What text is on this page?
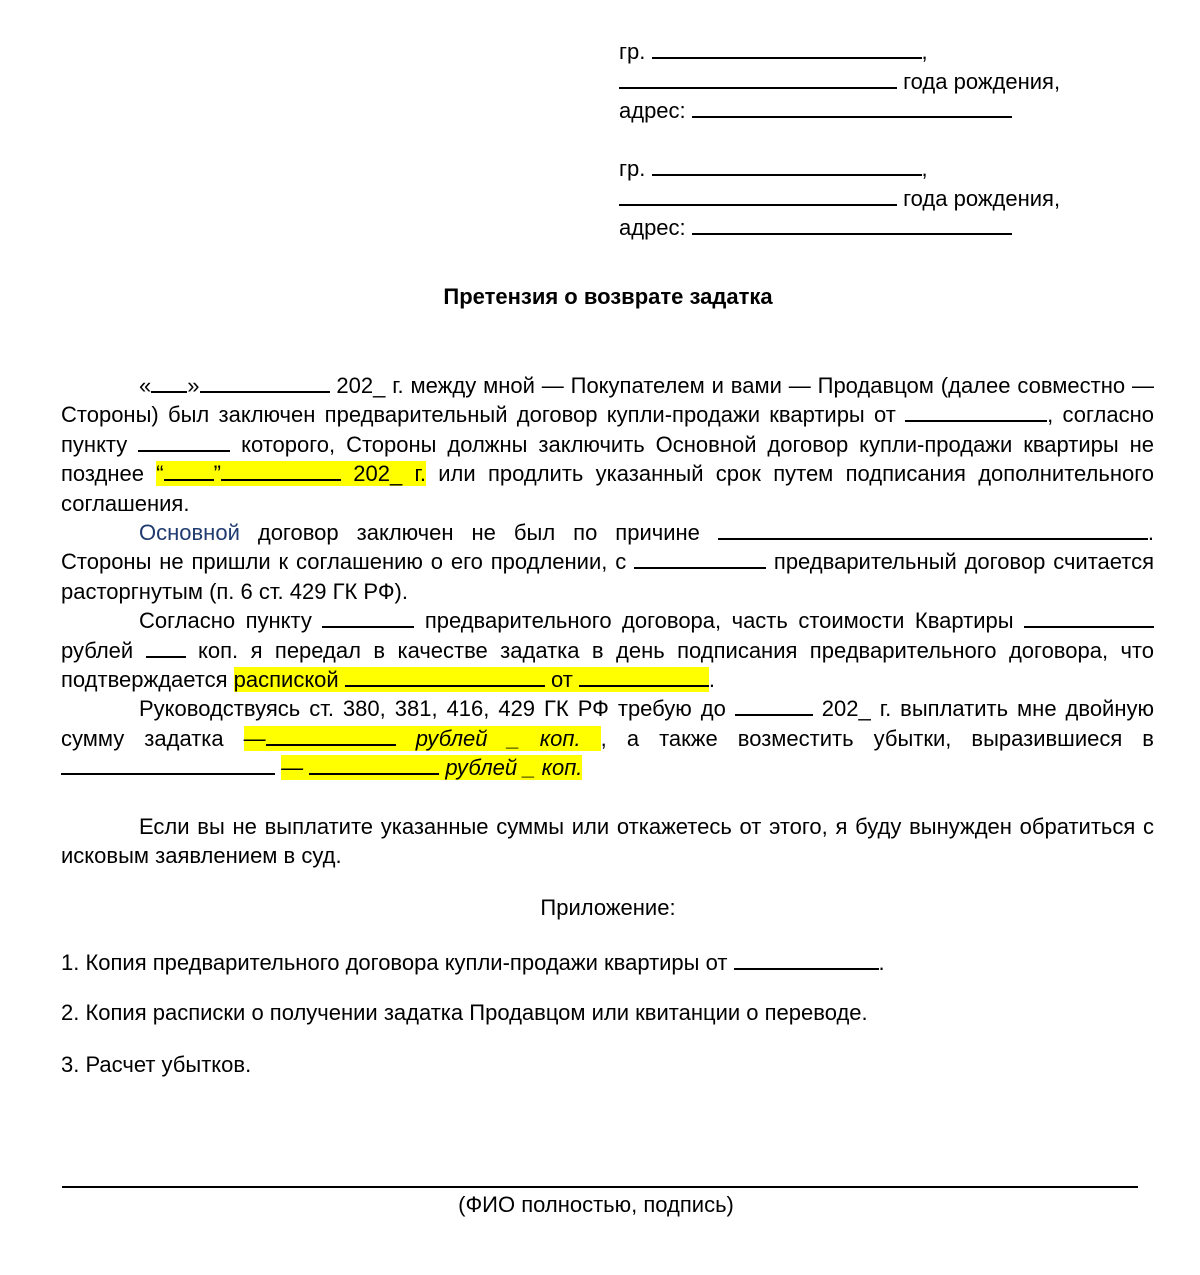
гр.	,
года рождения,
адрес:
гр.	,
года рождения,
адрес:
Претензия о возврате задатка

« »	202_ г. между мной — Покупателем и вами — Продавцом (далее совместно — Стороны) был заключен предварительный договор купли-продажи квартиры от	, согласно пункту	которого, Стороны должны заключить Основной договор купли-продажи квартиры не позднее “ ”	202_ г. или продлить указанный срок путем подписания дополнительного соглашения.

Основной договор заключен не был по причине	. Стороны не пришли к соглашению о его продлении, с	предварительный договор считается расторгнутым (п. 6 ст. 429 ГК РФ).

Согласно пункту	предварительного договора, часть стоимости Квартиры  рублей  коп. я передал в качестве задатка в день подписания предварительного договора, что подтверждается распиской	от	.

Руководствуясь ст. 380, 381, 416, 429 ГК РФ требую до	202_ г. выплатить мне двойную сумму задатка —	рублей _ коп. , а также возместить убытки, выразившиеся в  —	рублей _ коп.

Если вы не выплатите указанные суммы или откажетесь от этого, я буду вынужден обратиться с исковым заявлением в суд.

Приложение:
1. Копия предварительного договора купли-продажи квартиры от	.
2. Копия расписки о получении задатка Продавцом или квитанции о переводе.
3. Расчет убытков.
(ФИО полностью, подпись)
